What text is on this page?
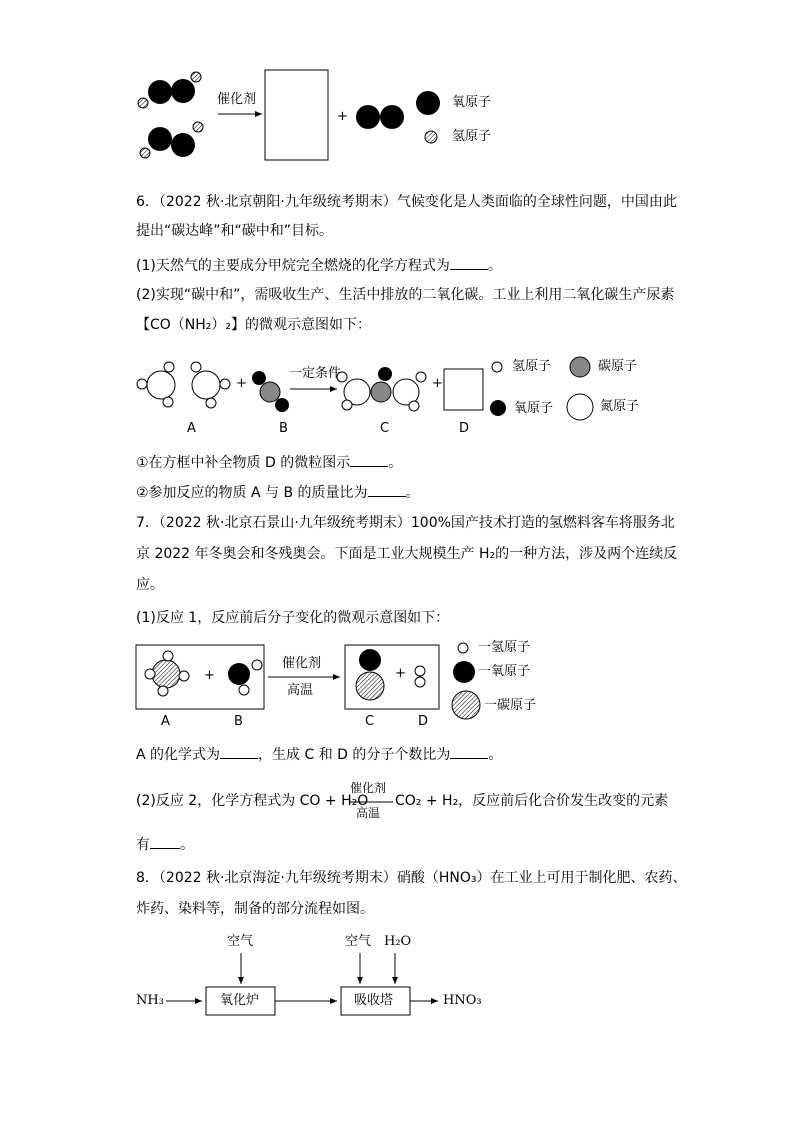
催化剂
+
氧原子
氢原子
6．（2022 秋·北京朝阳·九年级统考期末）气候变化是人类面临的全球性问题，中国由此
提出“碳达峰”和“碳中和”目标。
(1)天然气的主要成分甲烷完全燃烧的化学方程式为	。
(2)实现“碳中和”，需吸收生产、生活中排放的二氧化碳。工业上利用二氧化碳生产尿素
【CO（NH₂）₂】的微观示意图如下：
+
一定条件
+
A	B	C	D
氢原子	碳原子
氧原子	氮原子
①在方框中补全物质 D 的微粒图示	。
②参加反应的物质 A 与 B 的质量比为	。
7．（2022 秋·北京石景山·九年级统考期末）100%国产技术打造的氢燃料客车将服务北
京 2022 年冬奥会和冬残奥会。下面是工业大规模生产 H₂的一种方法，涉及两个连续反
应。
(1)反应 1，反应前后分子变化的微观示意图如下：
+
催化剂
高温
+
A	B	C	D
一氢原子
一氧原子
一碳原子
A 的化学式为	，生成 C 和 D 的分子个数比为	。
(2)反应 2，化学方程式为 CO + H₂O
催化剂
高温
CO₂ + H₂，反应前后化合价发生改变的元素
有 。
8．（2022 秋·北京海淀·九年级统考期末）硝酸（HNO₃）在工业上可用于制化肥、农药、
炸药、染料等，制备的部分流程如图。
NH₃
空气
氧化炉
空气 H₂O
吸收塔	HNO₃
